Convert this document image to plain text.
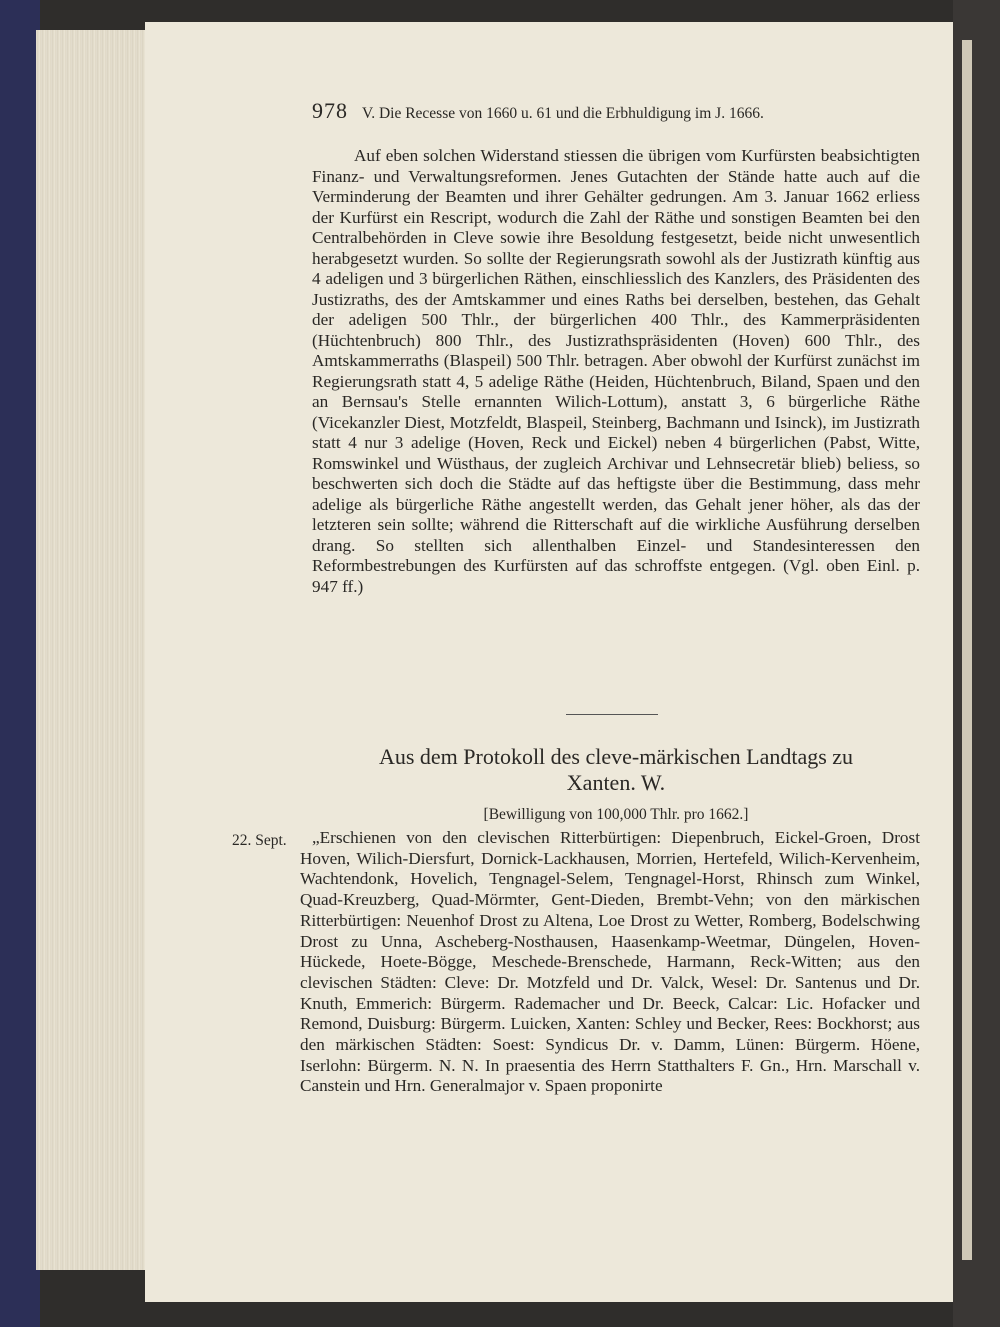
978 V. Die Recesse von 1660 u. 61 und die Erbhuldigung im J. 1666.

Auf eben solchen Widerstand stiessen die übrigen vom Kurfürsten beabsichtigten Finanz- und Verwaltungsreformen. Jenes Gutachten der Stände hatte auch auf die Verminderung der Beamten und ihrer Gehälter gedrungen. Am 3. Januar 1662 erliess der Kurfürst ein Rescript, wodurch die Zahl der Räthe und sonstigen Beamten bei den Centralbehörden in Cleve sowie ihre Besoldung festgesetzt, beide nicht unwesentlich herabgesetzt wurden. So sollte der Regierungsrath sowohl als der Justizrath künftig aus 4 adeligen und 3 bürgerlichen Räthen, einschliesslich des Kanzlers, des Präsidenten des Justizraths, des der Amtskammer und eines Raths bei derselben, bestehen, das Gehalt der adeligen 500 Thlr., der bürgerlichen 400 Thlr., des Kammerpräsidenten (Hüchtenbruch) 800 Thlr., des Justizrathspräsidenten (Hoven) 600 Thlr., des Amtskammerraths (Blaspeil) 500 Thlr. betragen. Aber obwohl der Kurfürst zunächst im Regierungsrath statt 4, 5 adelige Räthe (Heiden, Hüchtenbruch, Biland, Spaen und den an Bernsau's Stelle ernannten Wilich-Lottum), anstatt 3, 6 bürgerliche Räthe (Vicekanzler Diest, Motzfeldt, Blaspeil, Steinberg, Bachmann und Isinck), im Justizrath statt 4 nur 3 adelige (Hoven, Reck und Eickel) neben 4 bürgerlichen (Pabst, Witte, Romswinkel und Wüsthaus, der zugleich Archivar und Lehnsecretär blieb) beliess, so beschwerten sich doch die Städte auf das heftigste über die Bestimmung, dass mehr adelige als bürgerliche Räthe angestellt werden, das Gehalt jener höher, als das der letzteren sein sollte; während die Ritterschaft auf die wirkliche Ausführung derselben drang. So stellten sich allenthalben Einzel- und Standesinteressen den Reformbestrebungen des Kurfürsten auf das schroffste entgegen. (Vgl. oben Einl. p. 947 ff.)

Aus dem Protokoll des cleve-märkischen Landtags zu
Xanten. W.
[Bewilligung von 100,000 Thlr. pro 1662.]
22. Sept.	„Erschienen von den clevischen Ritterbürtigen: Diepenbruch, Eickel-Groen, Drost Hoven, Wilich-Diersfurt, Dornick-Lackhausen, Morrien, Hertefeld, Wilich-Kervenheim, Wachtendonk, Hovelich, Tengnagel-Selem, Tengnagel-Horst, Rhinsch zum Winkel, Quad-Kreuzberg, Quad-Mörmter, Gent-Dieden, Brembt-Vehn; von den märkischen Ritterbürtigen: Neuenhof Drost zu Altena, Loe Drost zu Wetter, Romberg, Bodelschwing Drost zu Unna, Ascheberg-Nosthausen, Haasenkamp-Weetmar, Düngelen, Hoven-Hückede, Hoete-Bögge, Meschede-Brenschede, Harmann, Reck-Witten; aus den clevischen Städten: Cleve: Dr. Motzfeld und Dr. Valck, Wesel: Dr. Santenus und Dr. Knuth, Emmerich: Bürgerm. Rademacher und Dr. Beeck, Calcar: Lic. Hofacker und Remond, Duisburg: Bürgerm. Luicken, Xanten: Schley und Becker, Rees: Bockhorst; aus den märkischen Städten: Soest: Syndicus Dr. v. Damm, Lünen: Bürgerm. Höene, Iserlohn: Bürgerm. N. N. In praesentia des Herrn Statthalters F. Gn., Hrn. Marschall v. Canstein und Hrn. Generalmajor v. Spaen proponirte
